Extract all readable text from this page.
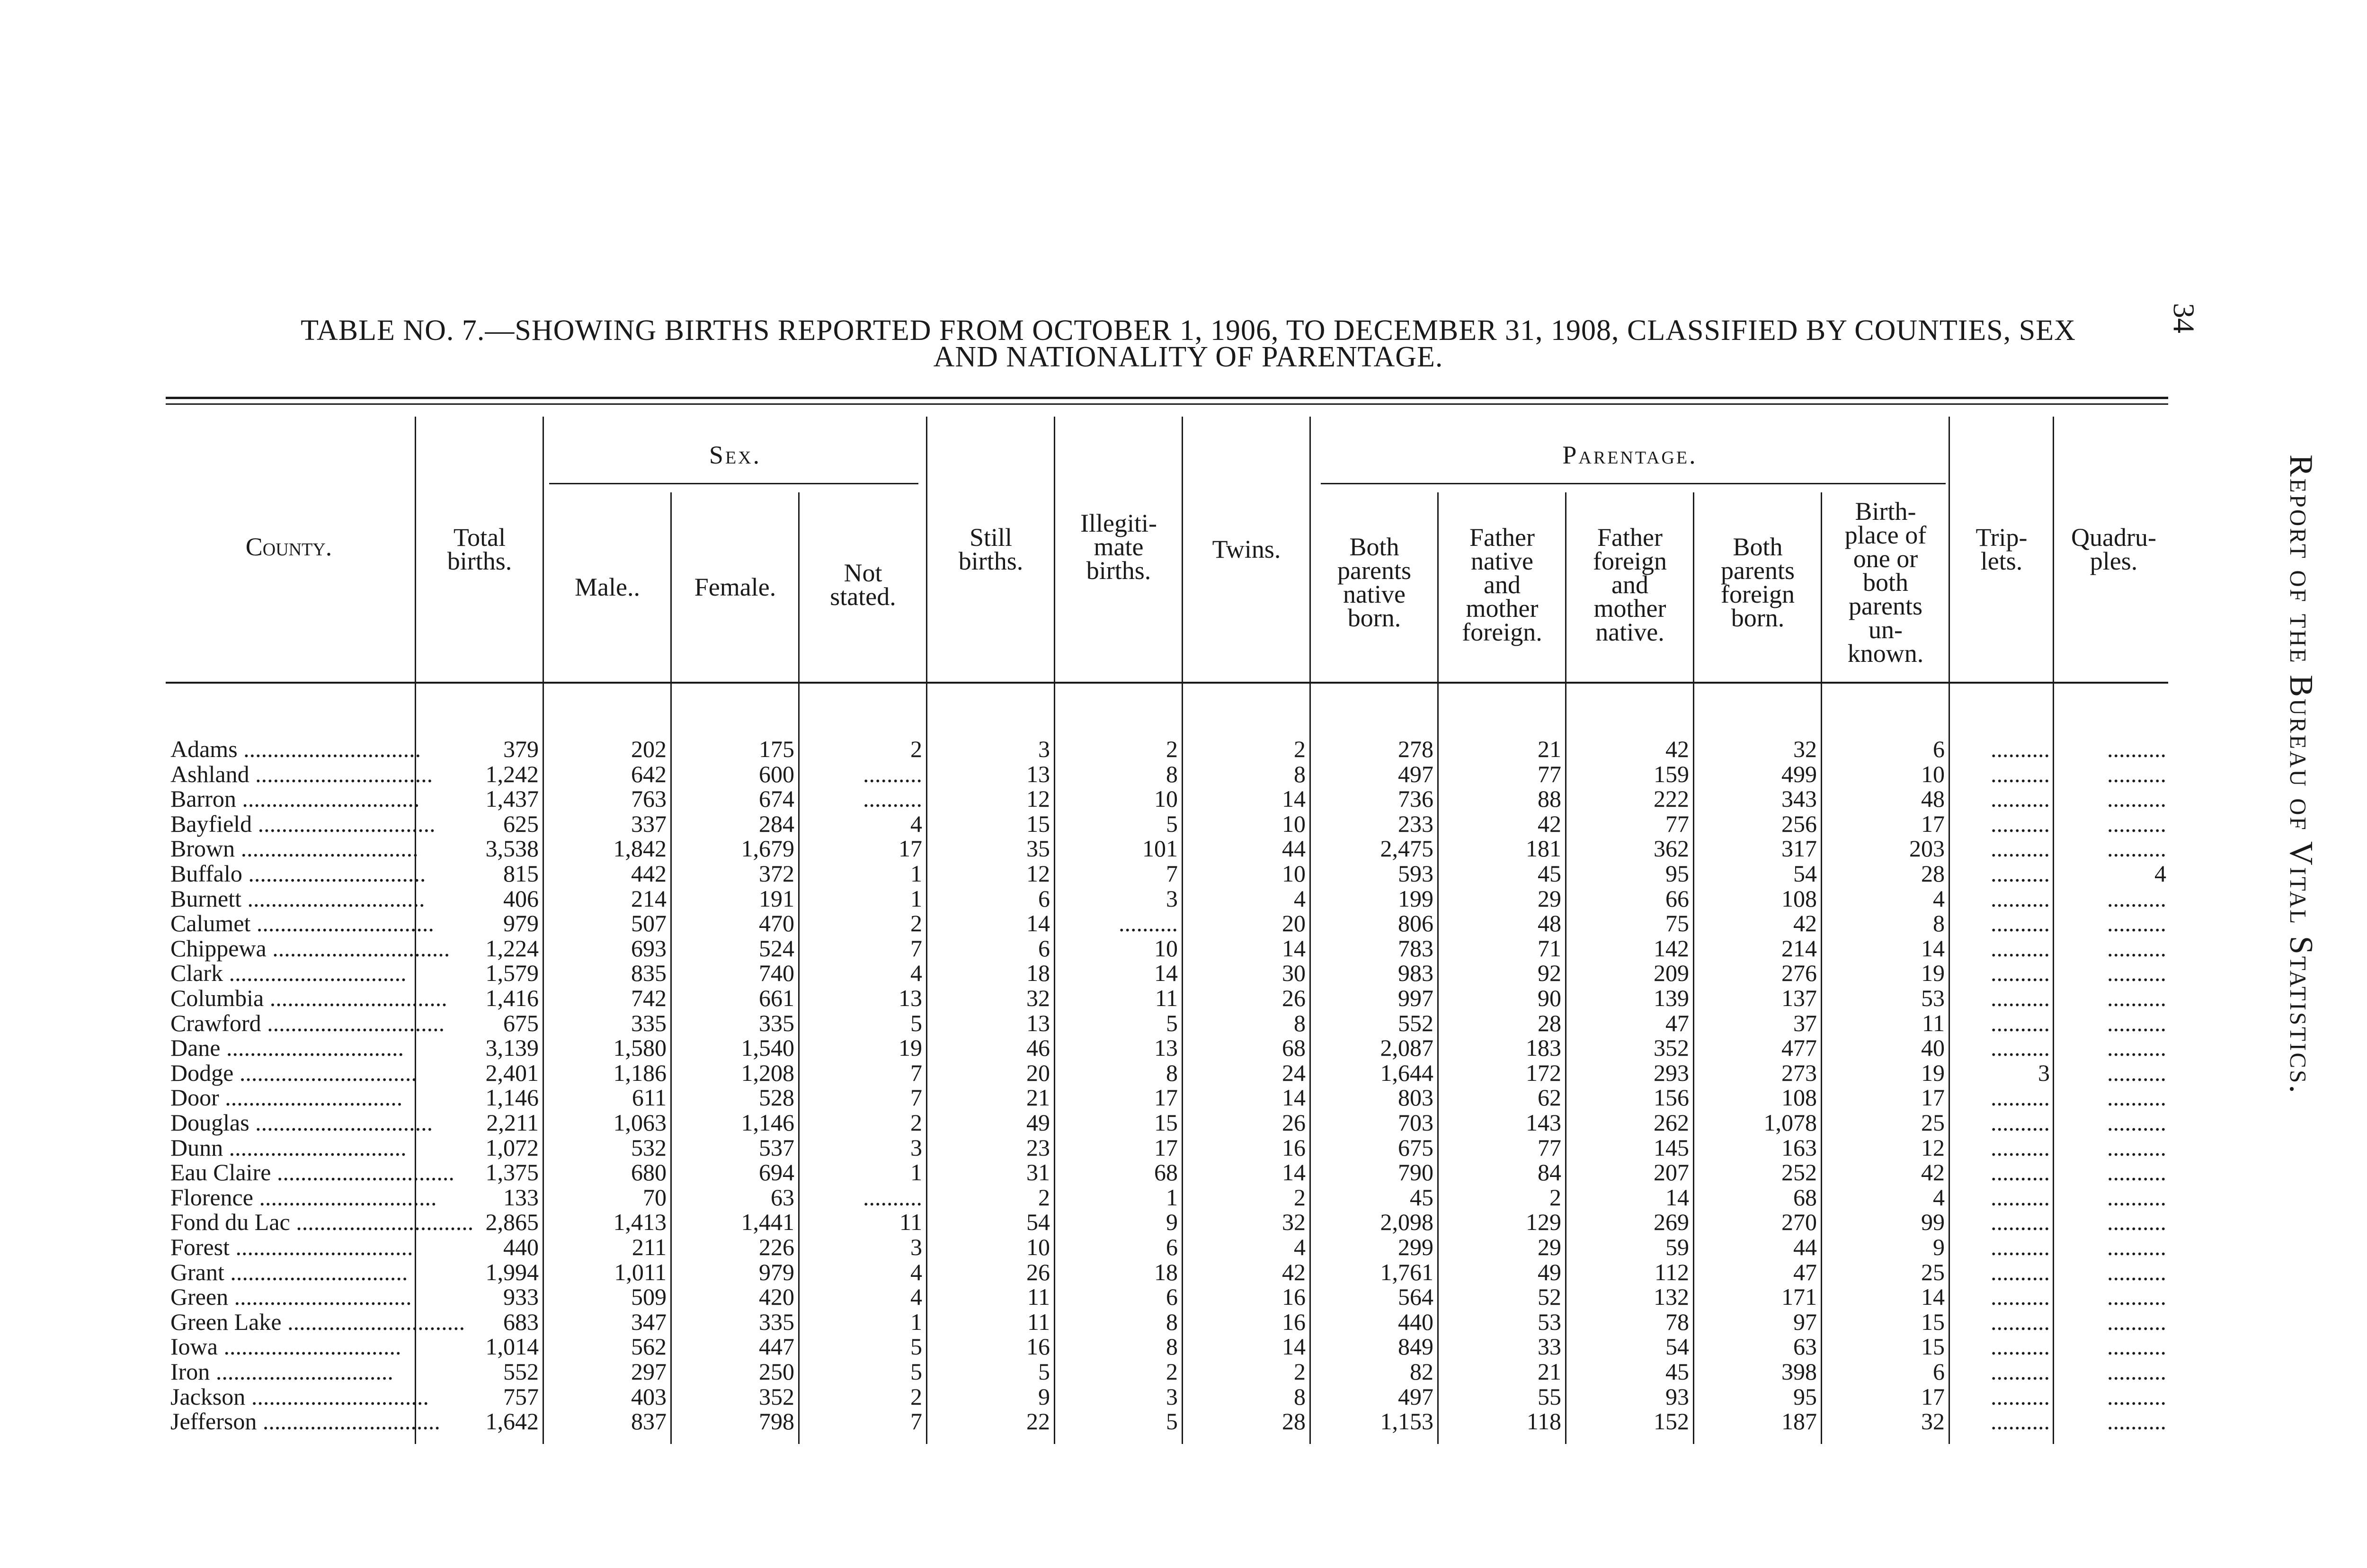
34
Report of the Bureau of Vital Statistics.
TABLE NO. 7.—SHOWING BIRTHS REPORTED FROM OCTOBER 1, 1906, TO DECEMBER 31, 1908, CLASSIFIED BY COUNTIES, SEX
AND NATIONALITY OF PARENTAGE.
County.	Total
births.
Sex.
Male..	Female.	Not
stated.
Still
births.
Illegiti-
mate
births.
Twins.
Parentage.
Both
parents
native
born.
Father
native
and
mother
foreign.
Father
foreign
and
mother
native.
Both
parents
foreign
born.
Birth-
place of
one or
both
parents
un-
known.
Trip-
lets.
Quadru-
ples.
Adams ..............................	379	202	175	2	3	2	2	278	21	42	32	6	..........	..........
Ashland ..............................	1,242	642	600	..........	13	8	8	497	77	159	499	10	..........	..........
Barron ..............................	1,437	763	674	..........	12	10	14	736	88	222	343	48	..........	..........
Bayfield ..............................	625	337	284	4	15	5	10	233	42	77	256	17	..........	..........
Brown ..............................	3,538	1,842	1,679	17	35	101	44	2,475	181	362	317	203	..........	..........
Buffalo ..............................	815	442	372	1	12	7	10	593	45	95	54	28	..........	4
Burnett ..............................	406	214	191	1	6	3	4	199	29	66	108	4	..........	..........
Calumet ..............................	979	507	470	2	14	..........	20	806	48	75	42	8	..........	..........
Chippewa ..............................	1,224	693	524	7	6	10	14	783	71	142	214	14	..........	..........
Clark ..............................	1,579	835	740	4	18	14	30	983	92	209	276	19	..........	..........
Columbia ..............................	1,416	742	661	13	32	11	26	997	90	139	137	53	..........	..........
Crawford ..............................	675	335	335	5	13	5	8	552	28	47	37	11	..........	..........
Dane ..............................	3,139	1,580	1,540	19	46	13	68	2,087	183	352	477	40	..........	..........
Dodge ..............................	2,401	1,186	1,208	7	20	8	24	1,644	172	293	273	19	3	..........
Door ..............................	1,146	611	528	7	21	17	14	803	62	156	108	17	..........	..........
Douglas ..............................	2,211	1,063	1,146	2	49	15	26	703	143	262	1,078	25	..........	..........
Dunn ..............................	1,072	532	537	3	23	17	16	675	77	145	163	12	..........	..........
Eau Claire ..............................	1,375	680	694	1	31	68	14	790	84	207	252	42	..........	..........
Florence ..............................	133	70	63	..........	2	1	2	45	2	14	68	4	..........	..........
Fond du Lac .............................. 2,865	1,413	1,441	11	54	9	32	2,098	129	269	270	99	..........	..........
Forest ..............................	440	211	226	3	10	6	4	299	29	59	44	9	..........	..........
Grant ..............................	1,994	1,011	979	4	26	18	42	1,761	49	112	47	25	..........	..........
Green ..............................	933	509	420	4	11	6	16	564	52	132	171	14	..........	..........
Green Lake ..............................	683	347	335	1	11	8	16	440	53	78	97	15	..........	..........
Iowa ..............................	1,014	562	447	5	16	8	14	849	33	54	63	15	..........	..........
Iron ..............................	552	297	250	5	5	2	2	82	21	45	398	6	..........	..........
Jackson ..............................	757	403	352	2	9	3	8	497	55	93	95	17	..........	..........
Jefferson ..............................	1,642	837	798	7	22	5	28	1,153	118	152	187	32	..........	..........
